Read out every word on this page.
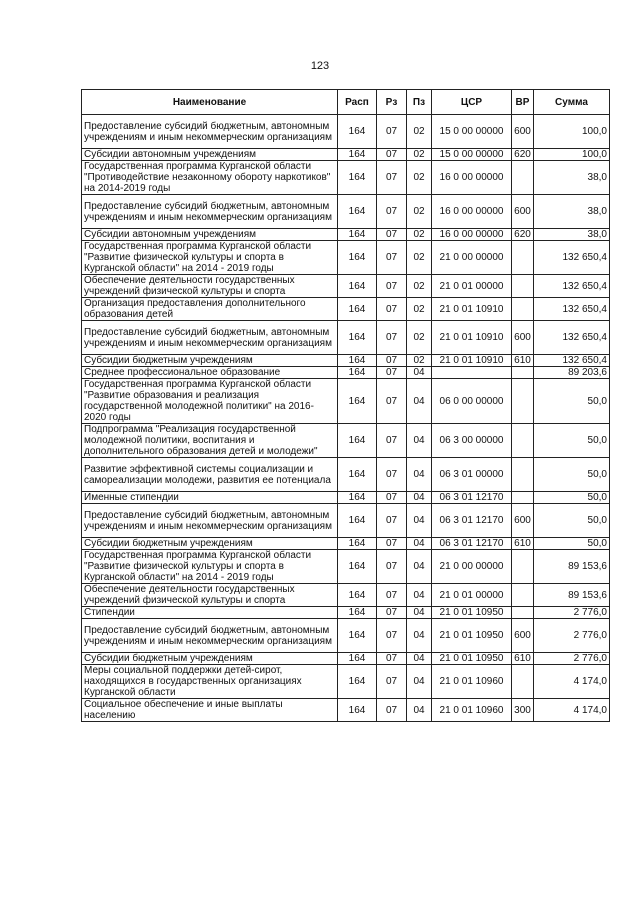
123
Наименование	Расп	Рз	Пз	ЦСР	ВР	Сумма
Предоставление субсидий бюджетным, автономным учреждениям и иным некоммерческим организациям	164	07	02	15 0 00 00000	600	100,0
Субсидии автономным учреждениям	164	07	02	15 0 00 00000	620	100,0
Государственная программа Курганской области "Противодействие незаконному обороту наркотиков" на 2014-2019 годы	164	07	02	16 0 00 00000		38,0
Предоставление субсидий бюджетным, автономным учреждениям и иным некоммерческим организациям	164	07	02	16 0 00 00000	600	38,0
Субсидии автономным учреждениям	164	07	02	16 0 00 00000	620	38,0
Государственная программа Курганской области "Развитие физической культуры и спорта в Курганской области" на 2014 - 2019 годы	164	07	02	21 0 00 00000		132 650,4
Обеспечение деятельности государственных учреждений физической культуры и спорта	164	07	02	21 0 01 00000		132 650,4
Организация предоставления дополнительного образования детей	164	07	02	21 0 01 10910		132 650,4
Предоставление субсидий бюджетным, автономным учреждениям и иным некоммерческим организациям	164	07	02	21 0 01 10910	600	132 650,4
Субсидии бюджетным учреждениям	164	07	02	21 0 01 10910	610	132 650,4
Среднее профессиональное образование	164	07	04			89 203,6
Государственная программа Курганской области "Развитие образования и реализация государственной молодежной политики" на 2016-2020 годы	164	07	04	06 0 00 00000		50,0
Подпрограмма "Реализация государственной молодежной политики, воспитания и дополнительного образования детей и молодежи"	164	07	04	06 3 00 00000		50,0
Развитие эффективной системы социализации и самореализации молодежи, развития ее потенциала	164	07	04	06 3 01 00000		50,0
Именные стипендии	164	07	04	06 3 01 12170		50,0
Предоставление субсидий бюджетным, автономным учреждениям и иным некоммерческим организациям	164	07	04	06 3 01 12170	600	50,0
Субсидии бюджетным учреждениям	164	07	04	06 3 01 12170	610	50,0
Государственная программа Курганской области "Развитие физической культуры и спорта в Курганской области" на 2014 - 2019 годы	164	07	04	21 0 00 00000		89 153,6
Обеспечение деятельности государственных учреждений физической культуры и спорта	164	07	04	21 0 01 00000		89 153,6
Стипендии	164	07	04	21 0 01 10950		2 776,0
Предоставление субсидий бюджетным, автономным учреждениям и иным некоммерческим организациям	164	07	04	21 0 01 10950	600	2 776,0
Субсидии бюджетным учреждениям	164	07	04	21 0 01 10950	610	2 776,0
Меры социальной поддержки детей-сирот, находящихся в государственных организациях Курганской области	164	07	04	21 0 01 10960		4 174,0
Социальное обеспечение и иные выплаты населению	164	07	04	21 0 01 10960	300	4 174,0
